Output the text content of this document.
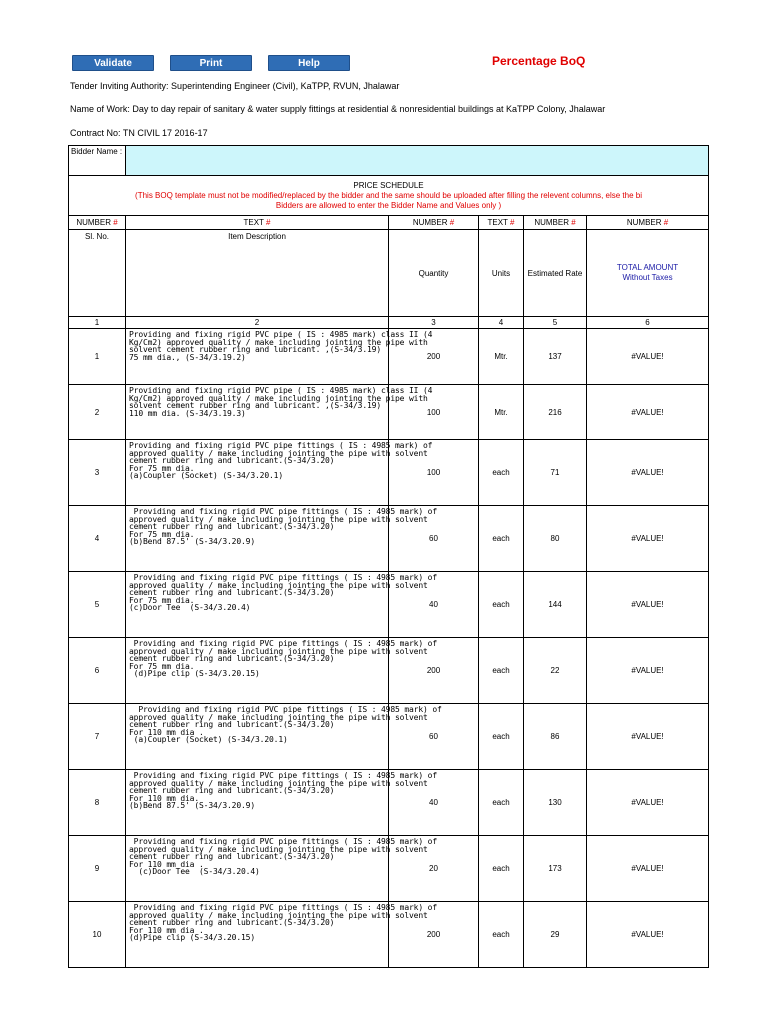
Validate	Print	Help	Percentage BoQ
Tender Inviting Authority: Superintending Engineer (Civil), KaTPP, RVUN, Jhalawar
Name of Work: Day to day repair of sanitary & water supply fittings at residential & nonresidential buildings at KaTPP Colony, Jhalawar
Contract No: TN CIVIL 17 2016-17
Bidder Name :					

PRICE SCHEDULE
(This BOQ template must not be modified/replaced by the bidder and the same should be uploaded after filling the relevent columns, else the bi
Bidders are allowed to enter the Bidder Name and Values only )					

NUMBER #	TEXT #	NUMBER #	TEXT #	NUMBER #	NUMBER #
Sl. No.	Item Description	Quantity	Units	Estimated Rate	TOTAL AMOUNT
Without Taxes

1	2	3	4	5	6
1	Providing and fixing rigid PVC pipe ( IS : 4985 mark) class II (4
Kg/Cm2) approved quality / make including jointing the pipe with
solvent cement rubber ring and lubricant. ,(S-34/3.19)
75 mm dia., (S-34/3.19.2)	200	Mtr.	137	#VALUE!
2	Providing and fixing rigid PVC pipe ( IS : 4985 mark) class II (4
Kg/Cm2) approved quality / make including jointing the pipe with
solvent cement rubber ring and lubricant. ,(S-34/3.19)
110 mm dia. (S-34/3.19.3)	100	Mtr.	216	#VALUE!
3	Providing and fixing rigid PVC pipe fittings ( IS : 4985 mark) of
approved quality / make including jointing the pipe with solvent
cement rubber ring and lubricant.(S-34/3.20)
For 75 mm dia.
(a)Coupler (Socket) (S-34/3.20.1)	100	each	71	#VALUE!
4	Providing and fixing rigid PVC pipe fittings ( IS : 4985 mark) of
approved quality / make including jointing the pipe with solvent
cement rubber ring and lubricant.(S-34/3.20)
For 75 mm dia.
(b)Bend 87.5' (S-34/3.20.9)	60	each	80	#VALUE!
5	Providing and fixing rigid PVC pipe fittings ( IS : 4985 mark) of
approved quality / make including jointing the pipe with solvent
cement rubber ring and lubricant.(S-34/3.20)
For 75 mm dia.
(c)Door Tee  (S-34/3.20.4)	40	each	144	#VALUE!
6	Providing and fixing rigid PVC pipe fittings ( IS : 4985 mark) of
approved quality / make including jointing the pipe with solvent
cement rubber ring and lubricant.(S-34/3.20)
For 75 mm dia.
(d)Pipe clip (S-34/3.20.15)	200	each	22	#VALUE!
7	Providing and fixing rigid PVC pipe fittings ( IS : 4985 mark) of
approved quality / make including jointing the pipe with solvent
cement rubber ring and lubricant.(S-34/3.20)
For 110 mm dia .
(a)Coupler (Socket) (S-34/3.20.1)	60	each	86	#VALUE!
8	Providing and fixing rigid PVC pipe fittings ( IS : 4985 mark) of
approved quality / make including jointing the pipe with solvent
cement rubber ring and lubricant.(S-34/3.20)
For 110 mm dia.
(b)Bend 87.5' (S-34/3.20.9)	40	each	130	#VALUE!
9	Providing and fixing rigid PVC pipe fittings ( IS : 4985 mark) of
approved quality / make including jointing the pipe with solvent
cement rubber ring and lubricant.(S-34/3.20)
For 110 mm dia .
(c)Door Tee  (S-34/3.20.4)	20	each	173	#VALUE!
10	Providing and fixing rigid PVC pipe fittings ( IS : 4985 mark) of
approved quality / make including jointing the pipe with solvent
cement rubber ring and lubricant.(S-34/3.20)
For 110 mm dia .
(d)Pipe clip (S-34/3.20.15)	200	each	29	#VALUE!
